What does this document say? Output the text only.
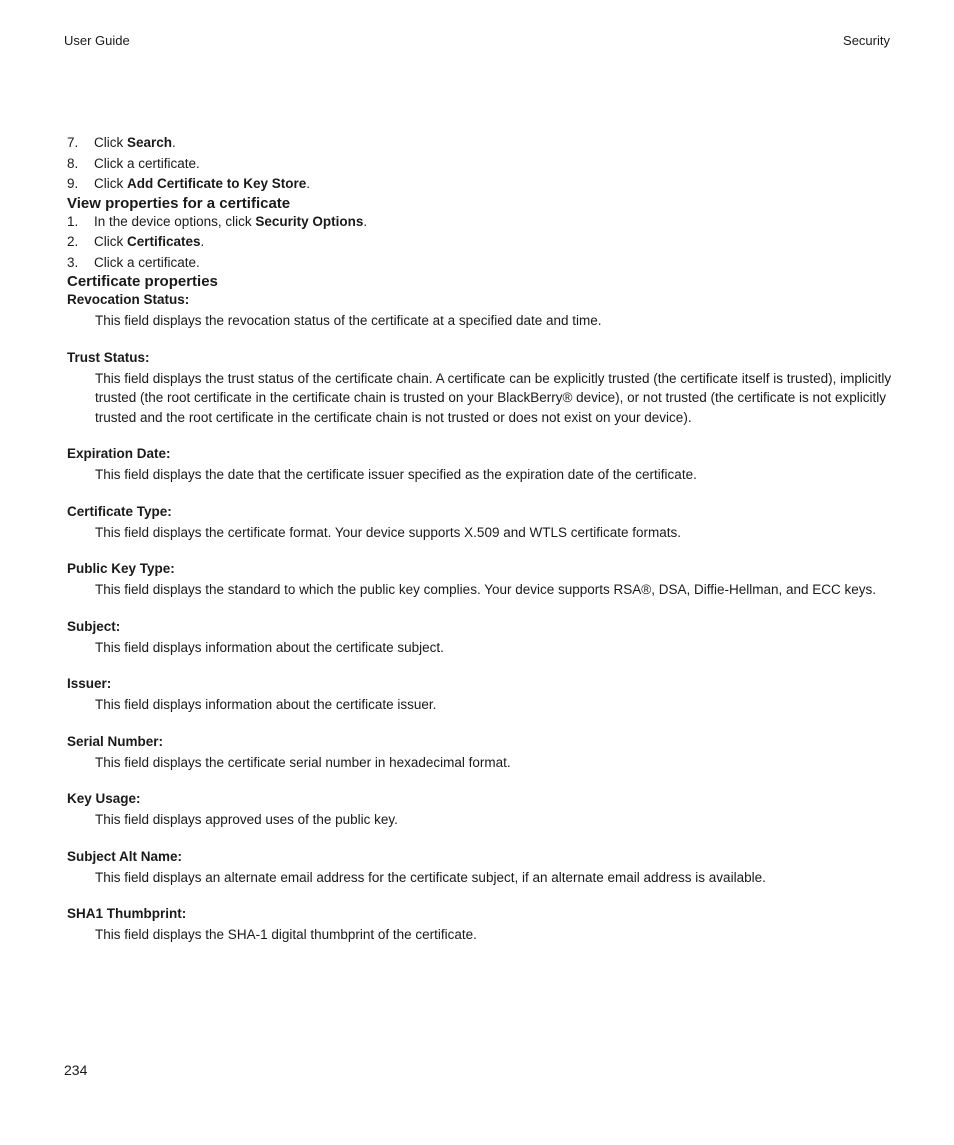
User Guide	Security
7.	Click Search.
8.	Click a certificate.
9.	Click Add Certificate to Key Store.
View properties for a certificate
1.	In the device options, click Security Options.
2.	Click Certificates.
3.	Click a certificate.
Certificate properties
Revocation Status:
This field displays the revocation status of the certificate at a specified date and time.
Trust Status:
This field displays the trust status of the certificate chain. A certificate can be explicitly trusted (the certificate itself is trusted), implicitly trusted (the root certificate in the certificate chain is trusted on your BlackBerry® device), or not trusted (the certificate is not explicitly trusted and the root certificate in the certificate chain is not trusted or does not exist on your device).
Expiration Date:
This field displays the date that the certificate issuer specified as the expiration date of the certificate.
Certificate Type:
This field displays the certificate format. Your device supports X.509 and WTLS certificate formats.
Public Key Type:
This field displays the standard to which the public key complies. Your device supports RSA®, DSA, Diffie-Hellman, and ECC keys.
Subject:
This field displays information about the certificate subject.
Issuer:
This field displays information about the certificate issuer.
Serial Number:
This field displays the certificate serial number in hexadecimal format.
Key Usage:
This field displays approved uses of the public key.
Subject Alt Name:
This field displays an alternate email address for the certificate subject, if an alternate email address is available.
SHA1 Thumbprint:
This field displays the SHA-1 digital thumbprint of the certificate.
234
